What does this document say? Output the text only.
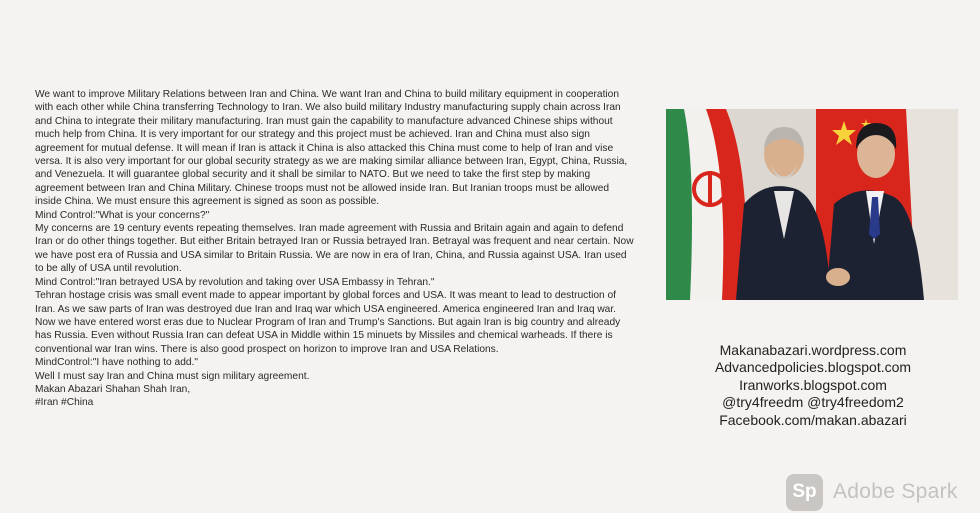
We want to improve Military Relations between Iran and China. We want Iran and China to build military equipment in cooperation with each other while China transferring Technology to Iran. We also build military Industry manufacturing supply chain across Iran and China to integrate their military manufacturing. Iran must gain the capability to manufacture advanced Chinese ships without much help from China. It is very important for our strategy and this project must be achieved. Iran and China must also sign agreement for mutual defense. It will mean if Iran is attack it China is also attacked this China must come to help of Iran and vise versa. It is also very important for our global security strategy as we are making similar alliance between Iran, Egypt, China, Russia, and Venezuela. It will guarantee global security and it shall be similar to NATO. But we need to take the first step by making agreement between Iran and China Military. Chinese troops must not be allowed inside Iran. But Iranian troops must be allowed inside China. We must ensure this agreement is signed as soon as possible.

Mind Control:"What is your concerns?"

My concerns are 19 century events repeating themselves. Iran made agreement with Russia and Britain again and again to defend Iran or do other things together. But either Britain betrayed Iran or Russia betrayed Iran. Betrayal was frequent and near certain. Now we have post era of Russia and USA similar to Britain Russia. We are now in era of Iran, China, and Russia against USA. Iran used to be ally of USA until revolution.

Mind Control:"Iran betrayed USA by revolution and taking over USA Embassy in Tehran."

Tehran hostage crisis was small event made to appear important by global forces and USA. It was meant to lead to destruction of Iran. As we saw parts of Iran was destroyed due Iran and Iraq war which USA engineered. America engineered Iran and Iraq war. Now we have entered worst eras due to Nuclear Program of Iran and Trump's Sanctions. But again Iran is big country and already has Russia. Even without Russia Iran can defeat USA in Middle within 15 minuets by Missiles and chemical warheads. If there is conventional war Iran wins. There is also good prospect on horizon to improve Iran and USA Relations.

MindControl:"I have nothing to add."

Well I must say Iran and China must sign military agreement.

Makan Abazari Shahan Shah Iran,

#Iran #China

Makanabazari.wordpress.com
Advancedpolicies.blogspot.com
Iranworks.blogspot.com
@try4freedm @try4freedom2
Facebook.com/makan.abazari
Sp Adobe Spark
